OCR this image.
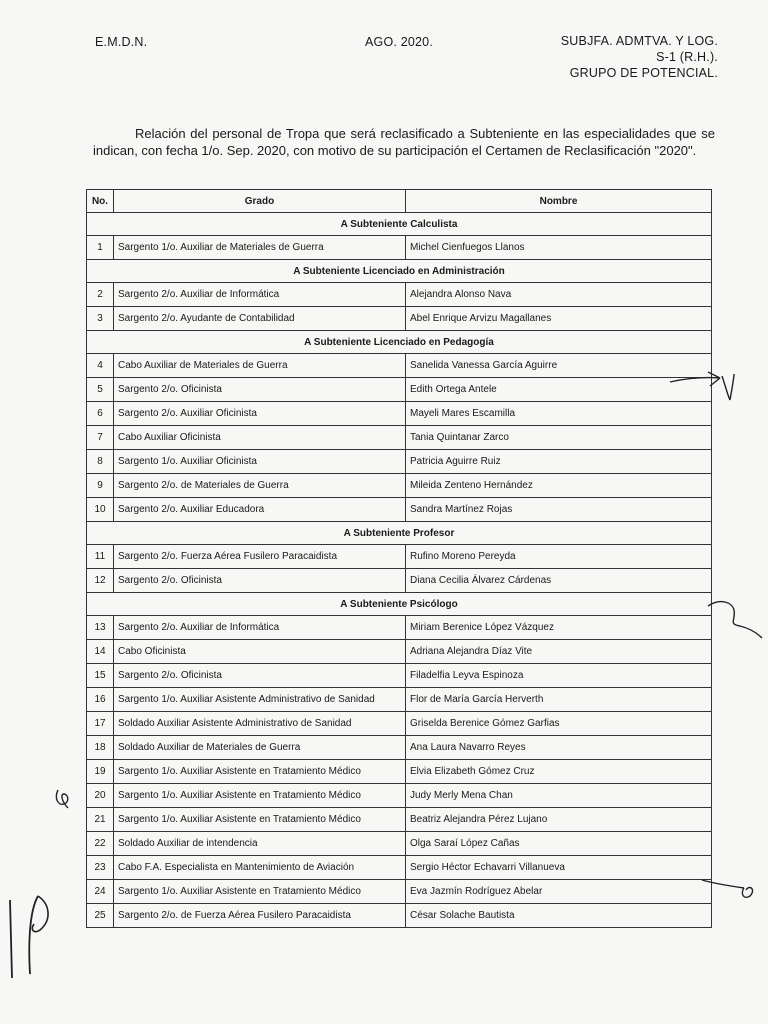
E.M.D.N.	AGO. 2020.	SUBJFA. ADMTVA. Y LOG.
S-1 (R.H.).
GRUPO DE POTENCIAL.
Relación del personal de Tropa que será reclasificado a Subteniente en las especialidades que se indican, con fecha 1/o. Sep. 2020, con motivo de su participación el Certamen de Reclasificación "2020".
No.	Grado	Nombre
A Subteniente Calculista		
1	Sargento 1/o. Auxiliar de Materiales de Guerra	Michel Cienfuegos Llanos
A Subteniente Licenciado en Administración		
2	Sargento 2/o. Auxiliar de Informática	Alejandra Alonso Nava
3	Sargento 2/o. Ayudante de Contabilidad	Abel Enrique Arvizu Magallanes
A Subteniente Licenciado en Pedagogía		
4	Cabo Auxiliar de Materiales de Guerra	Sanelida Vanessa García Aguirre
5	Sargento 2/o. Oficinista	Edith Ortega Antele
6	Sargento 2/o. Auxiliar Oficinista	Mayeli Mares Escamilla
7	Cabo Auxiliar Oficinista	Tania Quintanar Zarco
8	Sargento 1/o. Auxiliar Oficinista	Patricia Aguirre Ruiz
9	Sargento 2/o. de Materiales de Guerra	Mileida Zenteno Hernández
10	Sargento 2/o. Auxiliar Educadora	Sandra Martínez Rojas
A Subteniente Profesor		
11	Sargento 2/o. Fuerza Aérea Fusilero Paracaidista	Rufino Moreno Pereyda
12	Sargento 2/o. Oficinista	Diana Cecilia Álvarez Cárdenas
A Subteniente Psicólogo		
13	Sargento 2/o. Auxiliar de Informática	Miriam Berenice López Vázquez
14	Cabo Oficinista	Adriana Alejandra Díaz Vite
15	Sargento 2/o. Oficinista	Filadelfia Leyva Espinoza
16	Sargento 1/o. Auxiliar Asistente Administrativo de Sanidad	Flor de María García Herverth
17	Soldado Auxiliar Asistente Administrativo de Sanidad	Griselda Berenice Gómez Garfias
18	Soldado Auxiliar de Materiales de Guerra	Ana Laura Navarro Reyes
19	Sargento 1/o. Auxiliar Asistente en Tratamiento Médico	Elvia Elizabeth Gómez Cruz
20	Sargento 1/o. Auxiliar Asistente en Tratamiento Médico	Judy Merly Mena Chan
21	Sargento 1/o. Auxiliar Asistente en Tratamiento Médico	Beatriz Alejandra Pérez Lujano
22	Soldado Auxiliar de intendencia	Olga Saraí López Cañas
23	Cabo F.A. Especialista en Mantenimiento de Aviación	Sergio Héctor Echavarri Villanueva
24	Sargento 1/o. Auxiliar Asistente en Tratamiento Médico	Eva Jazmín Rodríguez Abelar
25	Sargento 2/o. de Fuerza Aérea Fusilero Paracaidista	César Solache Bautista
